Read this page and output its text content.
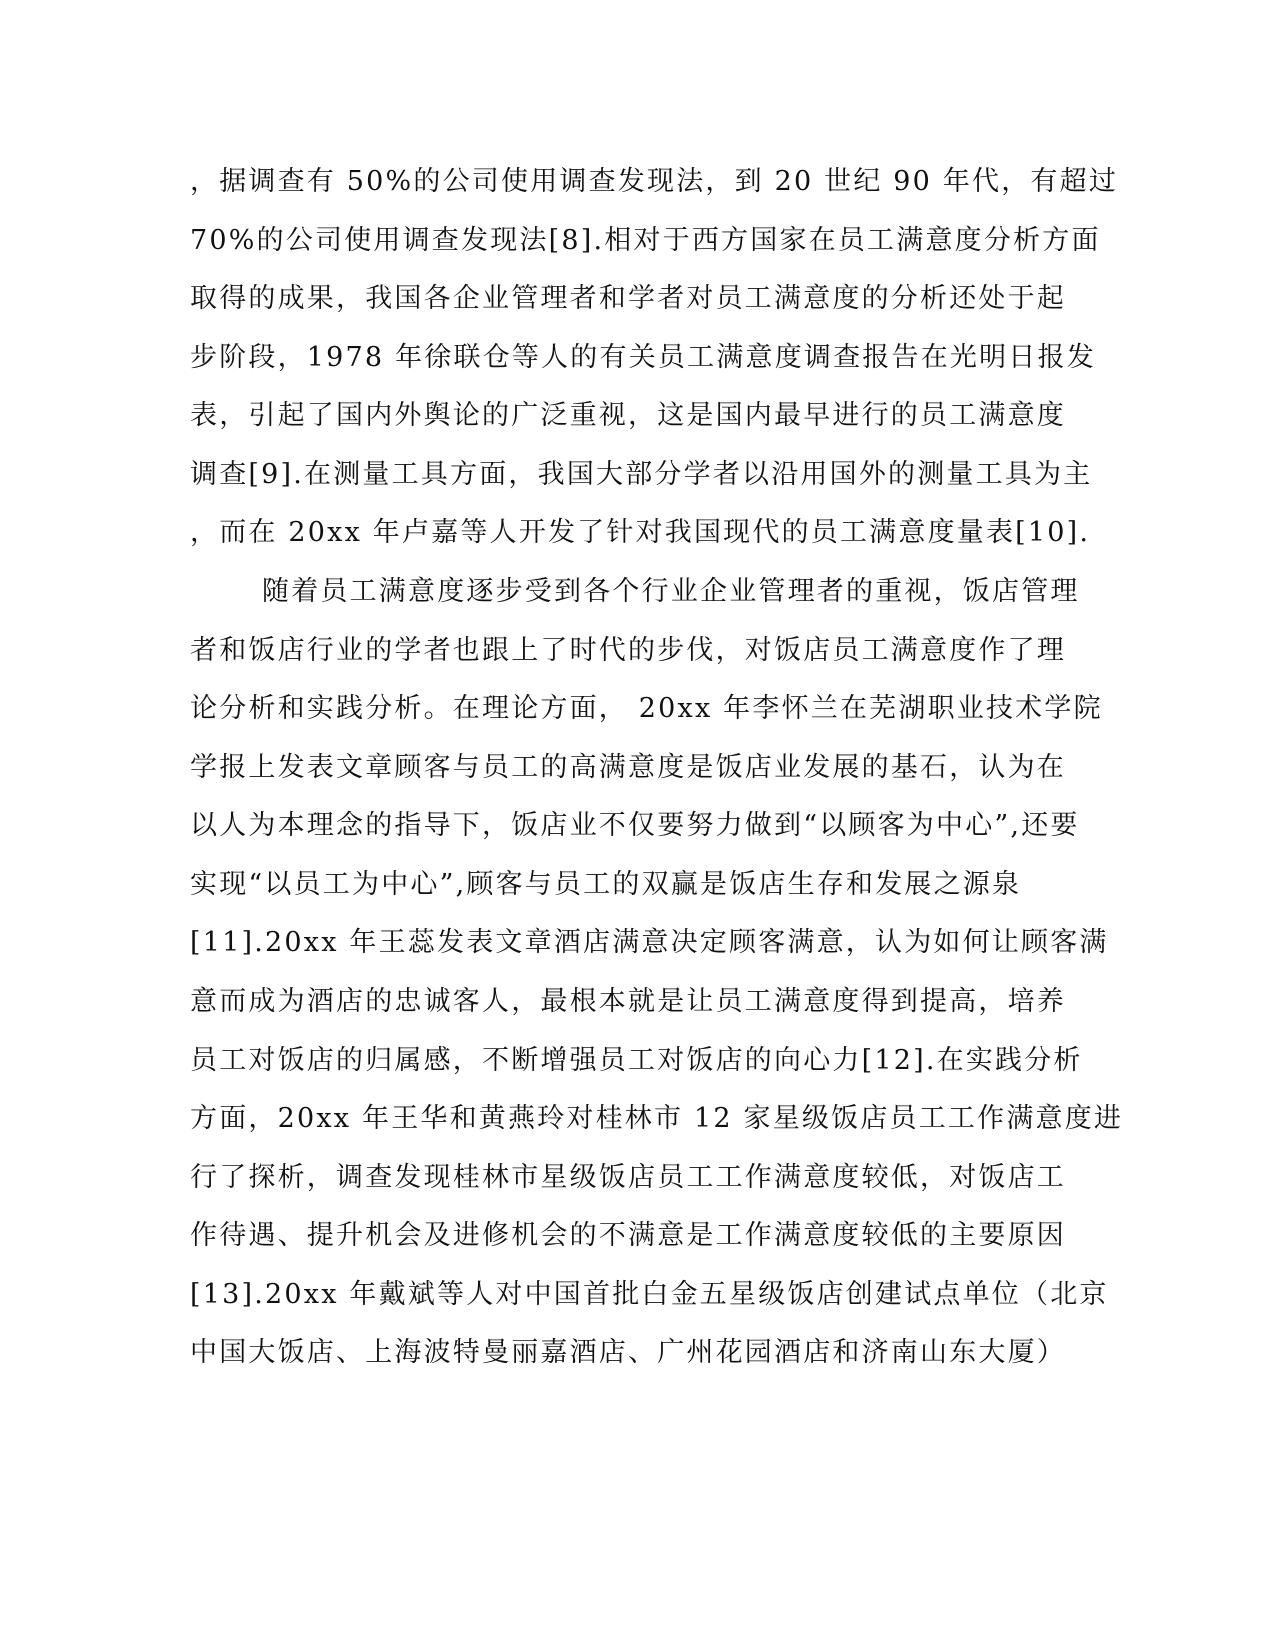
，据调查有 50%的公司使用调查发现法，到 20 世纪 90 年代，有超过
70%的公司使用调查发现法[8].相对于西方国家在员工满意度分析方面
取得的成果，我国各企业管理者和学者对员工满意度的分析还处于起
步阶段，1978 年徐联仓等人的有关员工满意度调查报告在光明日报发
表，引起了国内外舆论的广泛重视，这是国内最早进行的员工满意度
调查[9].在测量工具方面，我国大部分学者以沿用国外的测量工具为主
，而在 20xx 年卢嘉等人开发了针对我国现代的员工满意度量表[10].
随着员工满意度逐步受到各个行业企业管理者的重视，饭店管理
者和饭店行业的学者也跟上了时代的步伐，对饭店员工满意度作了理
论分析和实践分析。在理论方面， 20xx 年李怀兰在芜湖职业技术学院
学报上发表文章顾客与员工的高满意度是饭店业发展的基石，认为在
以人为本理念的指导下，饭店业不仅要努力做到“以顾客为中心”,还要
实现“以员工为中心”,顾客与员工的双赢是饭店生存和发展之源泉
[11].20xx 年王蕊发表文章酒店满意决定顾客满意，认为如何让顾客满
意而成为酒店的忠诚客人，最根本就是让员工满意度得到提高，培养
员工对饭店的归属感，不断增强员工对饭店的向心力[12].在实践分析
方面，20xx 年王华和黄燕玲对桂林市 12 家星级饭店员工工作满意度进
行了探析，调查发现桂林市星级饭店员工工作满意度较低，对饭店工
作待遇、提升机会及进修机会的不满意是工作满意度较低的主要原因
[13].20xx 年戴斌等人对中国首批白金五星级饭店创建试点单位（北京
中国大饭店、上海波特曼丽嘉酒店、广州花园酒店和济南山东大厦）
